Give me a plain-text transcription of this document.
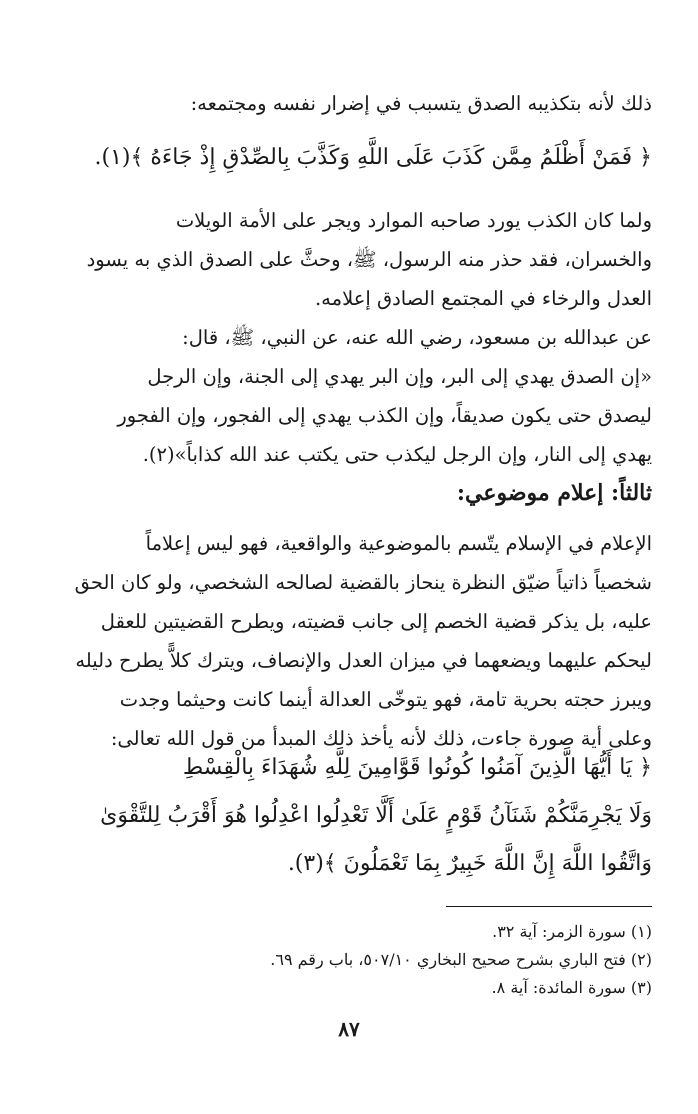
ذلك لأنه بتكذيبه الصدق يتسبب في إضرار نفسه ومجتمعه:

﴿ فَمَنْ أَظْلَمُ مِمَّن كَذَبَ عَلَى اللَّهِ وَكَذَّبَ بِالصِّدْقِ إِذْ جَاءَهُ ﴾(١).

ولما كان الكذب يورد صاحبه الموارد ويجر على الأمة الويلات
والخسران، فقد حذر منه الرسول، ﷺ، وحثَّ على الصدق الذي به يسود
العدل والرخاء في المجتمع الصادق إعلامه.

عن عبدالله بن مسعود، رضي الله عنه، عن النبي، ﷺ، قال:
«إن الصدق يهدي إلى البر، وإن البر يهدي إلى الجنة، وإن الرجل
ليصدق حتى يكون صديقاً، وإن الكذب يهدي إلى الفجور، وإن الفجور
يهدي إلى النار، وإن الرجل ليكذب حتى يكتب عند الله كذاباً»(٢).

ثالثاً: إعلام موضوعي:

الإعلام في الإسلام يتّسم بالموضوعية والواقعية، فهو ليس إعلاماً
شخصياً ذاتياً ضيّق النظرة ينحاز بالقضية لصالحه الشخصي، ولو كان الحق
عليه، بل يذكر قضية الخصم إلى جانب قضيته، ويطرح القضيتين للعقل
ليحكم عليهما ويضعهما في ميزان العدل والإنصاف، ويترك كلاًّ يطرح دليله
ويبرز حجته بحرية تامة، فهو يتوخّى العدالة أينما كانت وحيثما وجدت
وعلى أية صورة جاءت، ذلك لأنه يأخذ ذلك المبدأ من قول الله تعالى:

﴿ يَا أَيُّهَا الَّذِينَ آمَنُوا كُونُوا قَوَّامِينَ لِلَّهِ شُهَدَاءَ بِالْقِسْطِ
وَلَا يَجْرِمَنَّكُمْ شَنَآنُ قَوْمٍ عَلَىٰ أَلَّا تَعْدِلُوا اعْدِلُوا هُوَ أَقْرَبُ لِلتَّقْوَىٰ
وَاتَّقُوا اللَّهَ إِنَّ اللَّهَ خَبِيرٌ بِمَا تَعْمَلُونَ ﴾(٣).

(١) سورة الزمر: آية ٣٢.
(٢) فتح الباري بشرح صحيح البخاري ٥٠٧/١٠، باب رقم ٦٩.
(٣) سورة المائدة: آية ٨.
٨٧
